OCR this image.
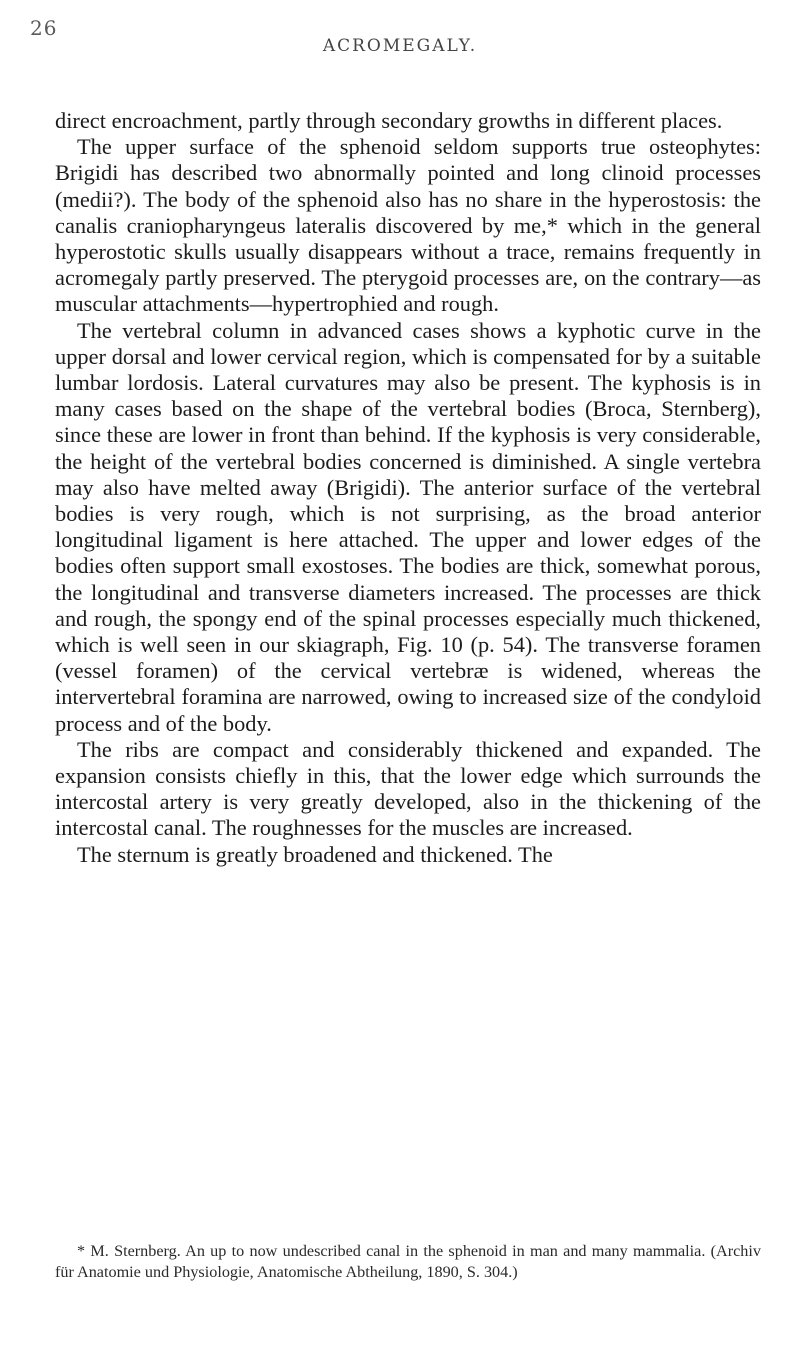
26
ACROMEGALY.

direct encroachment, partly through secondary growths in different places.

The upper surface of the sphenoid seldom supports true osteophytes: Brigidi has described two abnormally pointed and long clinoid processes (medii?). The body of the sphenoid also has no share in the hyperostosis: the canalis craniopharyngeus lateralis discovered by me,* which in the general hyperostotic skulls usually disappears without a trace, remains frequently in acromegaly partly preserved. The pterygoid processes are, on the contrary—as muscular attachments—hypertrophied and rough.

The vertebral column in advanced cases shows a kyphotic curve in the upper dorsal and lower cervical region, which is compensated for by a suitable lumbar lordosis. Lateral curvatures may also be present. The kyphosis is in many cases based on the shape of the vertebral bodies (Broca, Sternberg), since these are lower in front than behind. If the kyphosis is very considerable, the height of the vertebral bodies concerned is diminished. A single vertebra may also have melted away (Brigidi). The anterior surface of the vertebral bodies is very rough, which is not surprising, as the broad anterior longitudinal ligament is here attached. The upper and lower edges of the bodies often support small exostoses. The bodies are thick, somewhat porous, the longitudinal and transverse diameters increased. The processes are thick and rough, the spongy end of the spinal processes especially much thickened, which is well seen in our skiagraph, Fig. 10 (p. 54). The transverse foramen (vessel foramen) of the cervical vertebræ is widened, whereas the intervertebral foramina are narrowed, owing to increased size of the condyloid process and of the body.

The ribs are compact and considerably thickened and expanded. The expansion consists chiefly in this, that the lower edge which surrounds the intercostal artery is very greatly developed, also in the thickening of the intercostal canal. The roughnesses for the muscles are increased.

The sternum is greatly broadened and thickened. The

* M. Sternberg. An up to now undescribed canal in the sphenoid in man and many mammalia. (Archiv für Anatomie und Physiologie, Anatomische Abtheilung, 1890, S. 304.)
